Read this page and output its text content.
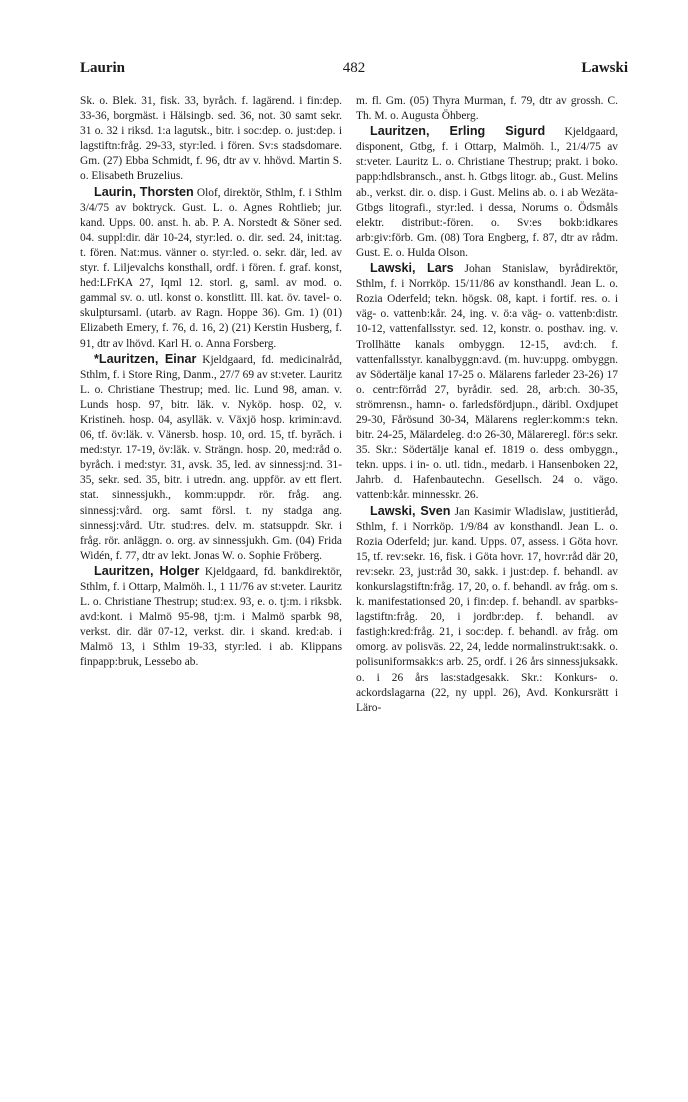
Laurin	482	Lawski

Sk. o. Blek. 31, fisk. 33, byråch. f. lagärend. i fin:dep. 33-36, borgmäst. i Hälsingb. sed. 36, not. 30 samt sekr. 31 o. 32 i riksd. 1:a lagutsk., bitr. i soc:dep. o. just:dep. i lagstiftn:fråg. 29-33, styr:led. i fören. Sv:s stadsdomare. Gm. (27) Ebba Schmidt, f. 96, dtr av v. hhövd. Martin S. o. Elisabeth Bruzelius.

Laurin, Thorsten Olof, direktör, Sthlm, f. i Sthlm 3/4/75 av boktryck. Gust. L. o. Agnes Rohtlieb; jur. kand. Upps. 00. anst. h. ab. P. A. Norstedt & Söner sed. 04. suppl:dir. där 10-24, styr:led. o. dir. sed. 24, init:tag. t. fören. Nat:mus. vänner o. styr:led. o. sekr. där, led. av styr. f. Liljevalchs konsthall, ordf. i fören. f. graf. konst, hed:LFrKA 27, Iqml 12. storl. g, saml. av mod. o. gammal sv. o. utl. konst o. konstlitt. Ill. kat. öv. tavel- o. skulptursaml. (utarb. av Ragn. Hoppe 36). Gm. 1) (01) Elizabeth Emery, f. 76, d. 16, 2) (21) Kerstin Husberg, f. 91, dtr av lhövd. Karl H. o. Anna Forsberg.

*Lauritzen, Einar Kjeldgaard, fd. medicinalråd, Sthlm, f. i Store Ring, Danm., 27/7 69 av st:veter. Lauritz L. o. Christiane Thestrup; med. lic. Lund 98, aman. v. Lunds hosp. 97, bitr. läk. v. Nyköp. hosp. 02, v. Kristineh. hosp. 04, asylläk. v. Växjö hosp. krimin:avd. 06, tf. öv:läk. v. Vänersb. hosp. 10, ord. 15, tf. byrăch. i med:styr. 17-19, öv:läk. v. Strängn. hosp. 20, med:råd o. byråch. i med:styr. 31, avsk. 35, led. av sinnessj:nd. 31-35, sekr. sed. 35, bitr. i utredn. ang. uppför. av ett flert. stat. sinnessjukh., komm:uppdr. rör. fråg. ang. sinnessj:vård. org. samt försl. t. ny stadga ang. sinnessj:vård. Utr. stud:res. delv. m. statsuppdr. Skr. i fråg. rör. anläggn. o. org. av sinnessjukh. Gm. (04) Frida Widén, f. 77, dtr av lekt. Jonas W. o. Sophie Fröberg.

Lauritzen, Holger Kjeldgaard, fd. bankdirektör, Sthlm, f. i Ottarp, Malmöh. l., 1 11/76 av st:veter. Lauritz L. o. Christiane Thestrup; stud:ex. 93, e. o. tj:m. i riksbk. avd:kont. i Malmö 95-98, tj:m. i Malmö sparbk 98, verkst. dir. där 07-12, verkst. dir. i skand. kred:ab. i Malmö 13, i Sthlm 19-33, styr:led. i ab. Klippans finpapp:bruk, Lessebo ab.

m. fl. Gm. (05) Thyra Murman, f. 79, dtr av grossh. C. Th. M. o. Augusta Öhberg.

Lauritzen, Erling Sigurd Kjeldgaard, disponent, Gtbg, f. i Ottarp, Malmöh. l., 21/4/75 av st:veter. Lauritz L. o. Christiane Thestrup; prakt. i boko. papp:hdlsbransch., anst. h. Gtbgs litogr. ab., Gust. Melins ab., verkst. dir. o. disp. i Gust. Melins ab. o. i ab Wezäta-Gtbgs litografi., styr:led. i dessa, Norums o. Ödsmåls elektr. distribut:-fören. o. Sv:es bokb:idkares arb:giv:förb. Gm. (08) Tora Engberg, f. 87, dtr av rådm. Gust. E. o. Hulda Olson.

Lawski, Lars Johan Stanislaw, byrådirektör, Sthlm, f. i Norrköp. 15/11/86 av konsthandl. Jean L. o. Rozia Oderfeld; tekn. högsk. 08, kapt. i fortif. res. o. i väg- o. vattenb:kår. 24, ing. v. ö:a väg- o. vattenb:distr. 10-12, vattenfallsstyr. sed. 12, konstr. o. posthav. ing. v. Trollhätte kanals ombyggn. 12-15, avd:ch. f. vattenfallsstyr. kanalbyggn:avd. (m. huv:uppg. ombyggn. av Södertälje kanal 17-25 o. Mälarens farleder 23-26) 17 o. centr:förråd 27, byrådir. sed. 28, arb:ch. 30-35, strömrensn., hamn- o. farledsfördjupn., däribl. Oxdjupet 29-30, Fårösund 30-34, Mälarens regler:komm:s tekn. bitr. 24-25, Mälardeleg. d:o 26-30, Mälareregl. för:s sekr. 35. Skr.: Södertälje kanal ef. 1819 o. dess ombyggn., tekn. upps. i in- o. utl. tidn., medarb. i Hansenboken 22, Jahrb. d. Hafenbautechn. Gesellsch. 24 o. vägo. vattenb:kår. minnesskr. 26.

Lawski, Sven Jan Kasimir Wladislaw, justitieråd, Sthlm, f. i Norrköp. 1/9/84 av konsthandl. Jean L. o. Rozia Oderfeld; jur. kand. Upps. 07, assess. i Göta hovr. 15, tf. rev:sekr. 16, fisk. i Göta hovr. 17, hovr:råd där 20, rev:sekr. 23, just:råd 30, sakk. i just:dep. f. behandl. av konkurslagstiftn:fråg. 17, 20, o. f. behandl. av fråg. om s. k. manifestationsed 20, i fin:dep. f. behandl. av sparbks-lagstiftn:fråg. 20, i jordbr:dep. f. behandl. av fastigh:kred:fråg. 21, i soc:dep. f. behandl. av fråg. om omorg. av polisväs. 22, 24, ledde normalinstrukt:sakk. o. polisuniformsakk:s arb. 25, ordf. i 26 års sinnessjuksakk. o. i 26 års las:stadgesakk. Skr.: Konkurs- o. ackordslagarna (22, ny uppl. 26), Avd. Konkursrätt i Läro-
